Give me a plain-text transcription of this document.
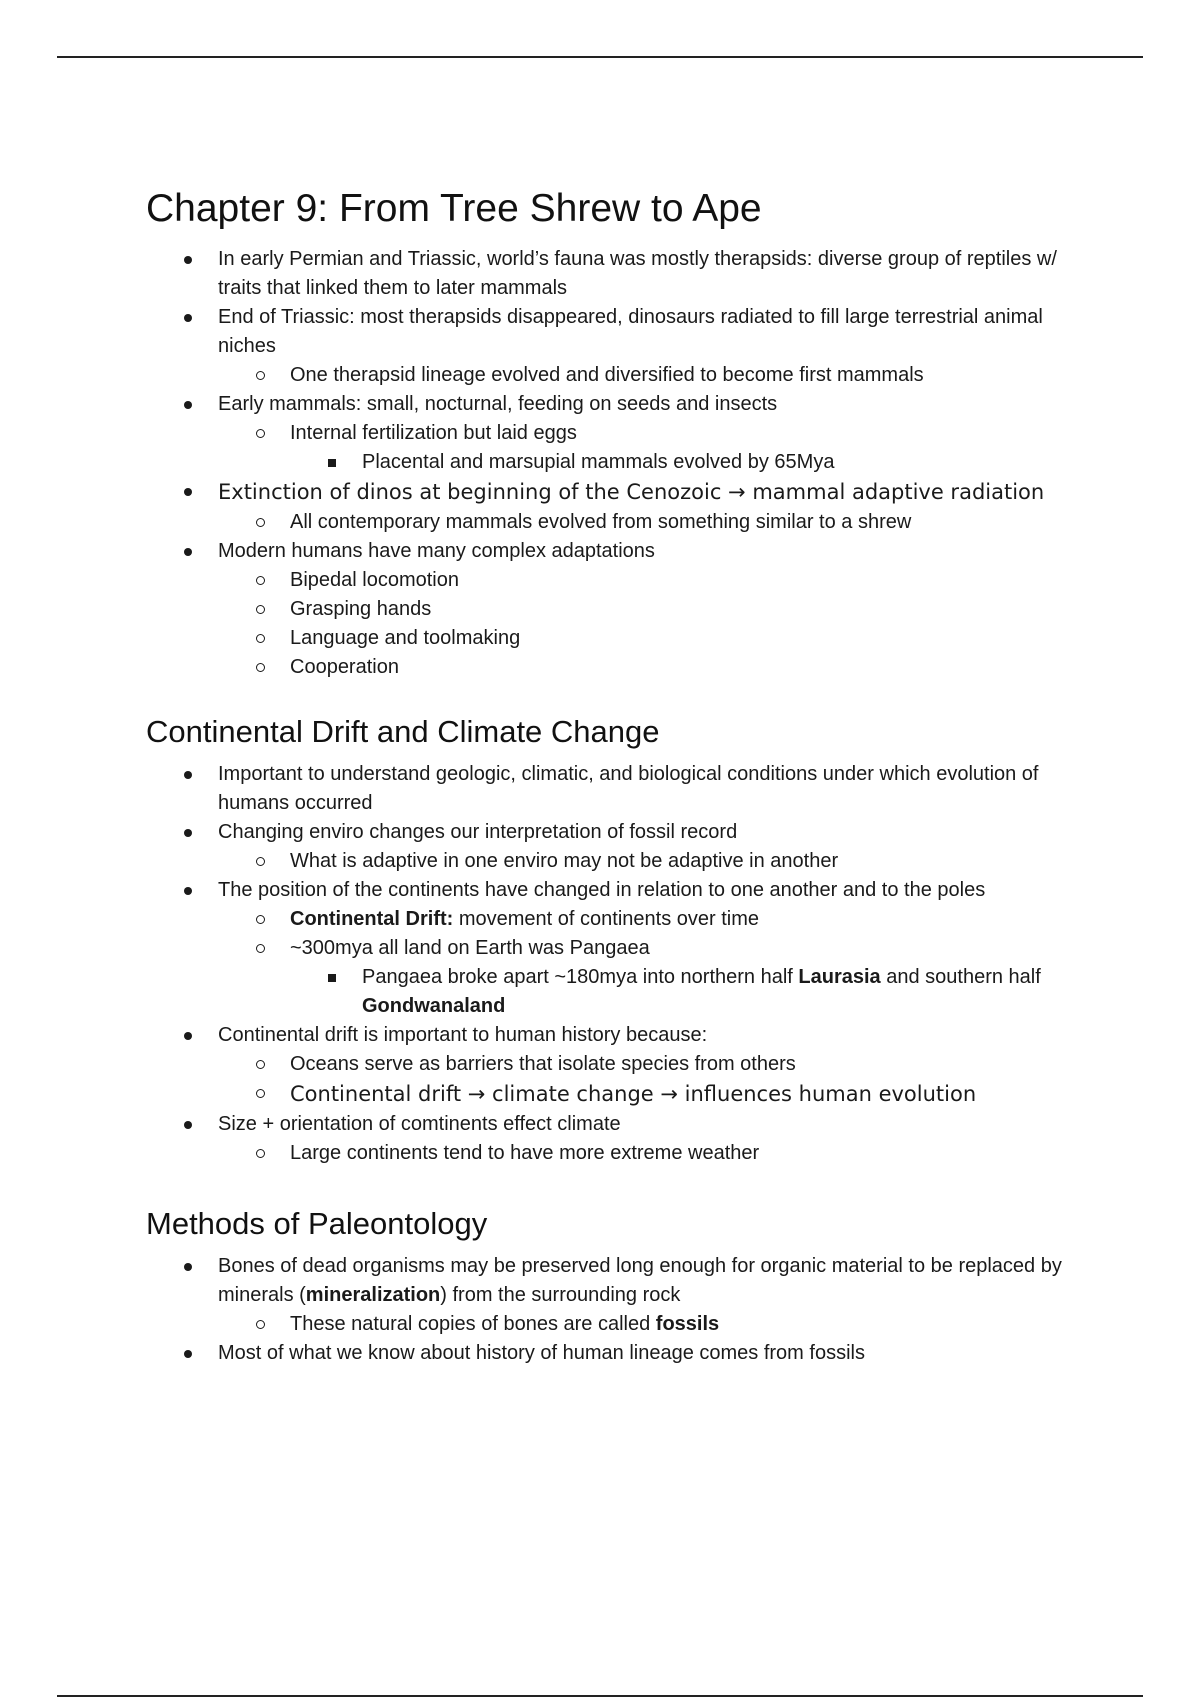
Chapter 9: From Tree Shrew to Ape
In early Permian and Triassic, world’s fauna was mostly therapsids: diverse group of reptiles w/ traits that linked them to later mammals
End of Triassic: most therapsids disappeared, dinosaurs radiated to fill large terrestrial animal niches
One therapsid lineage evolved and diversified to become first mammals
Early mammals: small, nocturnal, feeding on seeds and insects
Internal fertilization but laid eggs
Placental and marsupial mammals evolved by 65Mya
Extinction of dinos at beginning of the Cenozoic → mammal adaptive radiation
All contemporary mammals evolved from something similar to a shrew
Modern humans have many complex adaptations
Bipedal locomotion
Grasping hands
Language and toolmaking
Cooperation
Continental Drift and Climate Change
Important to understand geologic, climatic, and biological conditions under which evolution of humans occurred
Changing enviro changes our interpretation of fossil record
What is adaptive in one enviro may not be adaptive in another
The position of the continents have changed in relation to one another and to the poles
Continental Drift: movement of continents over time
~300mya all land on Earth was Pangaea
Pangaea broke apart ~180mya into northern half Laurasia and southern half Gondwanaland
Continental drift is important to human history because:
Oceans serve as barriers that isolate species from others
Continental drift → climate change → influences human evolution
Size + orientation of comtinents effect climate
Large continents tend to have more extreme weather
Methods of Paleontology
Bones of dead organisms may be preserved long enough for organic material to be replaced by minerals (mineralization) from the surrounding rock
These natural copies of bones are called fossils
Most of what we know about history of human lineage comes from fossils
